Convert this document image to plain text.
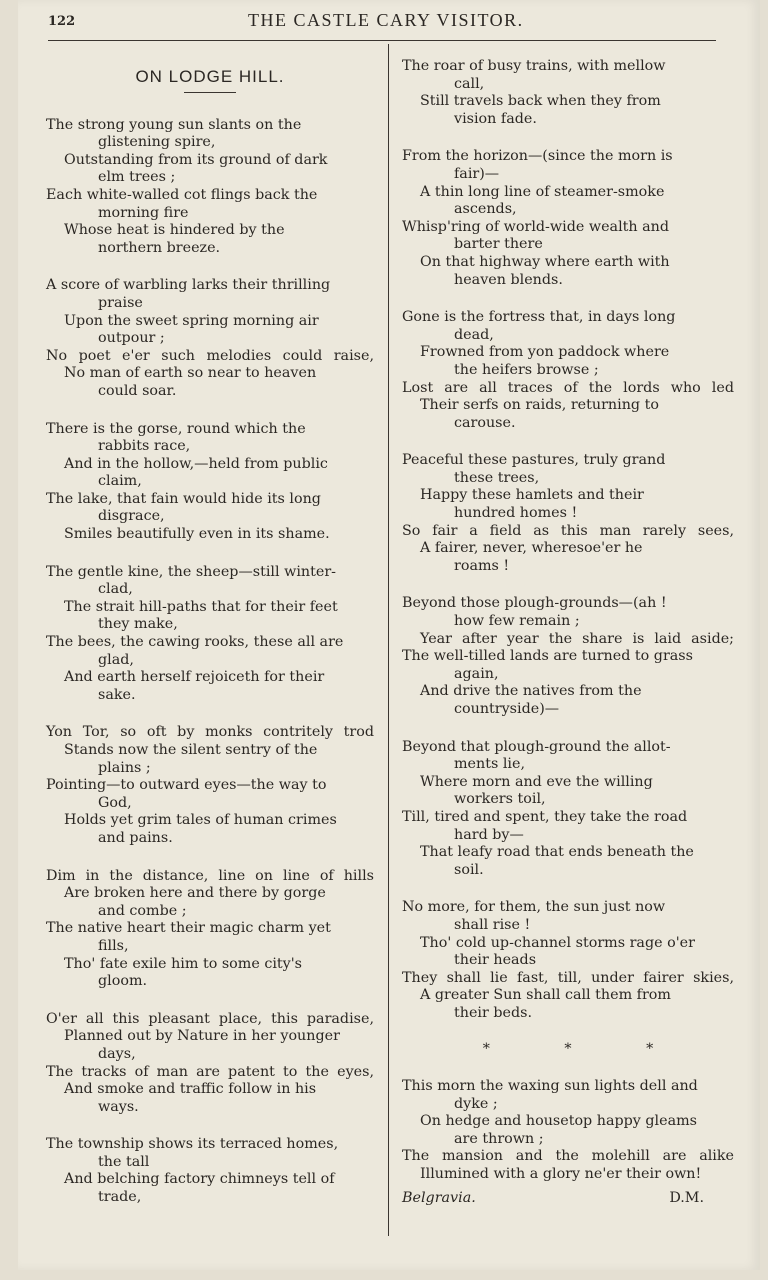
122	THE CASTLE CARY VISITOR.
ON LODGE HILL.
The strong young sun slants on the
glistening spire,
Outstanding from its ground of dark
elm trees ;
Each white-walled cot flings back the
morning fire
Whose heat is hindered by the
northern breeze.
A score of warbling larks their thrilling
praise
Upon the sweet spring morning air
outpour ;
No poet e'er such melodies could raise,
No man of earth so near to heaven
could soar.
There is the gorse, round which the
rabbits race,
And in the hollow,—held from public
claim,
The lake, that fain would hide its long
disgrace,
Smiles beautifully even in its shame.
The gentle kine, the sheep—still winter-
clad,
The strait hill-paths that for their feet
they make,
The bees, the cawing rooks, these all are
glad,
And earth herself rejoiceth for their
sake.
Yon Tor, so oft by monks contritely trod
Stands now the silent sentry of the
plains ;
Pointing—to outward eyes—the way to
God,
Holds yet grim tales of human crimes
and pains.
Dim in the distance, line on line of hills
Are broken here and there by gorge
and combe ;
The native heart their magic charm yet
fills,
Tho' fate exile him to some city's
gloom.
O'er all this pleasant place, this paradise,
Planned out by Nature in her younger
days,
The tracks of man are patent to the eyes,
And smoke and traffic follow in his
ways.
The township shows its terraced homes,
the tall
And belching factory chimneys tell of
trade,
The roar of busy trains, with mellow
call,
Still travels back when they from
vision fade.
From the horizon—(since the morn is
fair)—
A thin long line of steamer-smoke
ascends,
Whisp'ring of world-wide wealth and
barter there
On that highway where earth with
heaven blends.
Gone is the fortress that, in days long
dead,
Frowned from yon paddock where
the heifers browse ;
Lost are all traces of the lords who led
Their serfs on raids, returning to
carouse.
Peaceful these pastures, truly grand
these trees,
Happy these hamlets and their
hundred homes !
So fair a field as this man rarely sees,
A fairer, never, wheresoe'er he
roams !
Beyond those plough-grounds—(ah !
how few remain ;
Year after year the share is laid aside;
The well-tilled lands are turned to grass
again,
And drive the natives from the
countryside)—
Beyond that plough-ground the allot-
ments lie,
Where morn and eve the willing
workers toil,
Till, tired and spent, they take the road
hard by—
That leafy road that ends beneath the
soil.
No more, for them, the sun just now
shall rise !
Tho' cold up-channel storms rage o'er
their heads
They shall lie fast, till, under fairer skies,
A greater Sun shall call them from
their beds.
* * *
This morn the waxing sun lights dell and
dyke ;
On hedge and housetop happy gleams
are thrown ;
The mansion and the molehill are alike
Illumined with a glory ne'er their own!
Belgravia.	D.M.
